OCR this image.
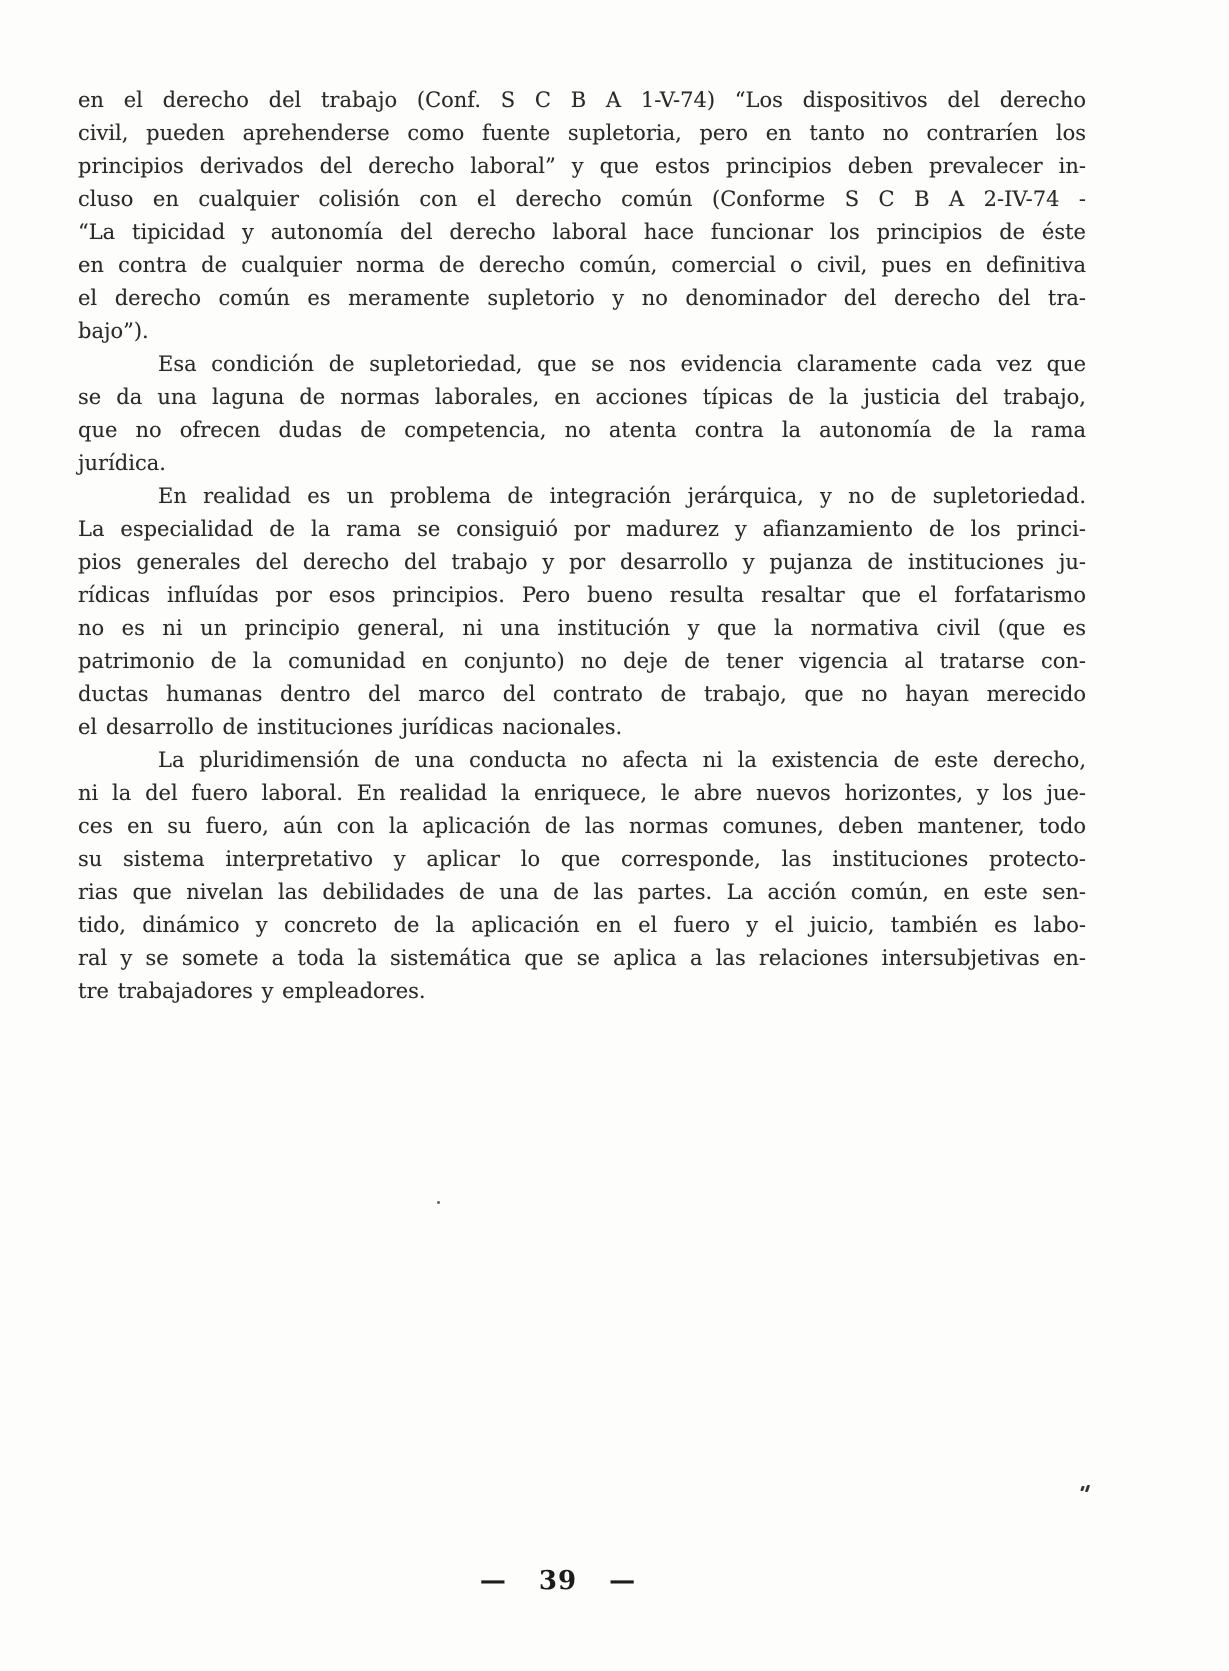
en el derecho del trabajo (Conf. S C B A 1-V-74) “Los dispositivos del derecho
civil, pueden aprehenderse como fuente supletoria, pero en tanto no contraríen los
principios derivados del derecho laboral” y que estos principios deben prevalecer in-
cluso en cualquier colisión con el derecho común (Conforme S C B A 2-IV-74 -
“La tipicidad y autonomía del derecho laboral hace funcionar los principios de éste
en contra de cualquier norma de derecho común, comercial o civil, pues en definitiva
el derecho común es meramente supletorio y no denominador del derecho del tra-
bajo”).
Esa condición de supletoriedad, que se nos evidencia claramente cada vez que
se da una laguna de normas laborales, en acciones típicas de la justicia del trabajo,
que no ofrecen dudas de competencia, no atenta contra la autonomía de la rama
jurídica.
En realidad es un problema de integración jerárquica, y no de supletoriedad.
La especialidad de la rama se consiguió por madurez y afianzamiento de los princi-
pios generales del derecho del trabajo y por desarrollo y pujanza de instituciones ju-
rídicas influídas por esos principios. Pero bueno resulta resaltar que el forfatarismo
no es ni un principio general, ni una institución y que la normativa civil (que es
patrimonio de la comunidad en conjunto) no deje de tener vigencia al tratarse con-
ductas humanas dentro del marco del contrato de trabajo, que no hayan merecido
el desarrollo de instituciones jurídicas nacionales.
La pluridimensión de una conducta no afecta ni la existencia de este derecho,
ni la del fuero laboral. En realidad la enriquece, le abre nuevos horizontes, y los jue-
ces en su fuero, aún con la aplicación de las normas comunes, deben mantener, todo
su sistema interpretativo y aplicar lo que corresponde, las instituciones protecto-
rias que nivelan las debilidades de una de las partes. La acción común, en este sen-
tido, dinámico y concreto de la aplicación en el fuero y el juicio, también es labo-
ral y se somete a toda la sistemática que se aplica a las relaciones intersubjetivas en-
tre trabajadores y empleadores.
— 39 —
